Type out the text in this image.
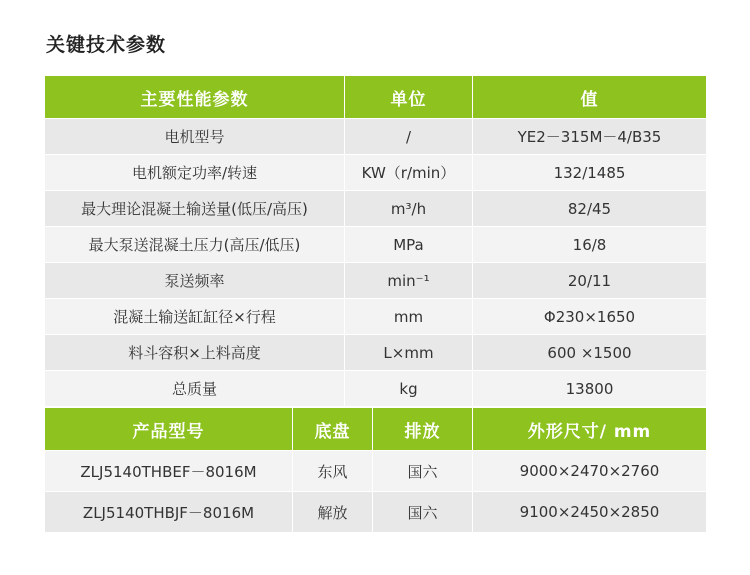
关键技术参数
主要性能参数	单位	值
电机型号	/	YE2－315M－4/B35
电机额定功率/转速	KW（r/min）	132/1485
最大理论混凝土输送量(低压/高压)	m³/h	82/45
最大泵送混凝土压力(高压/低压)	MPa	16/8
泵送频率	min⁻¹	20/11
混凝土输送缸缸径×行程	mm	Φ230×1650
料斗容积×上料高度	L×mm	600 ×1500
总质量	kg	13800
产品型号	底盘	排放	外形尺寸/ mm
ZLJ5140THBEF－8016M	东风	国六	9000×2470×2760
ZLJ5140THBJF－8016M	解放	国六	9100×2450×2850
